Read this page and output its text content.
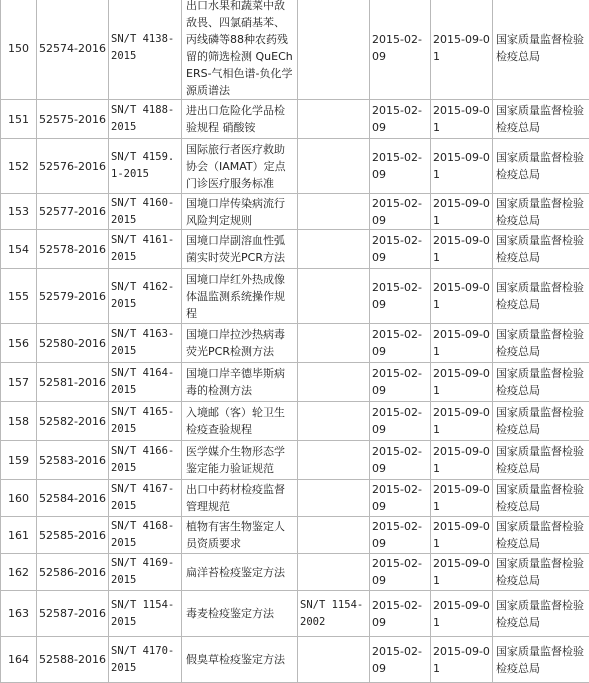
150	52574-2016	SN/T 4138-2015	出口水果和蔬菜中敌敌畏、四氯硝基苯、丙线磷等88种农药残留的筛选检测 QuEChERS-气相色谱-负化学源质谱法		2015-02-09	2015-09-01	国家质量监督检验检疫总局
151	52575-2016	SN/T 4188-2015	进出口危险化学品检验规程 硝酸铵		2015-02-09	2015-09-01	国家质量监督检验检疫总局
152	52576-2016	SN/T 4159.1-2015	国际旅行者医疗救助协会（IAMAT）定点门诊医疗服务标准		2015-02-09	2015-09-01	国家质量监督检验检疫总局
153	52577-2016	SN/T 4160-2015	国境口岸传染病流行风险判定规则		2015-02-09	2015-09-01	国家质量监督检验检疫总局
154	52578-2016	SN/T 4161-2015	国境口岸副溶血性弧菌实时荧光PCR方法		2015-02-09	2015-09-01	国家质量监督检验检疫总局
155	52579-2016	SN/T 4162-2015	国境口岸红外热成像体温监测系统操作规程		2015-02-09	2015-09-01	国家质量监督检验检疫总局
156	52580-2016	SN/T 4163-2015	国境口岸拉沙热病毒荧光PCR检测方法		2015-02-09	2015-09-01	国家质量监督检验检疫总局
157	52581-2016	SN/T 4164-2015	国境口岸辛德毕斯病毒的检测方法		2015-02-09	2015-09-01	国家质量监督检验检疫总局
158	52582-2016	SN/T 4165-2015	入境邮（客）轮卫生检疫查验规程		2015-02-09	2015-09-01	国家质量监督检验检疫总局
159	52583-2016	SN/T 4166-2015	医学媒介生物形态学鉴定能力验证规范		2015-02-09	2015-09-01	国家质量监督检验检疫总局
160	52584-2016	SN/T 4167-2015	出口中药材检疫监督管理规范		2015-02-09	2015-09-01	国家质量监督检验检疫总局
161	52585-2016	SN/T 4168-2015	植物有害生物鉴定人员资质要求		2015-02-09	2015-09-01	国家质量监督检验检疫总局
162	52586-2016	SN/T 4169-2015	扁洋苔检疫鉴定方法		2015-02-09	2015-09-01	国家质量监督检验检疫总局
163	52587-2016	SN/T 1154-2015	毒麦检疫鉴定方法	SN/T 1154-2002	2015-02-09	2015-09-01	国家质量监督检验检疫总局
164	52588-2016	SN/T 4170-2015	假臭草检疫鉴定方法		2015-02-09	2015-09-01	国家质量监督检验检疫总局
